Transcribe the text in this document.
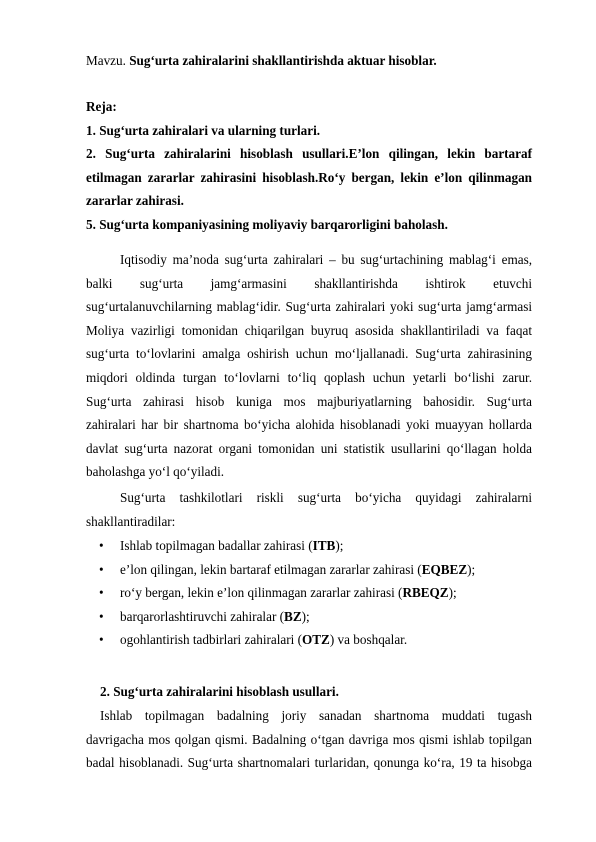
Mavzu. Sug‘urta zahiralarini shakllantirishda aktuar hisoblar.
Reja:
1. Sug‘urta zahiralari va ularning turlari.
2. Sug‘urta zahiralarini hisoblash usullari.E’lon qilingan, lekin bartaraf
etilmagan zararlar zahirasini hisoblash.Ro‘y bergan, lekin e’lon qilinmagan
zararlar zahirasi.
5. Sug‘urta kompaniyasining moliyaviy barqarorligini baholash.
Iqtisodiy ma’noda sug‘urta zahiralari – bu sug‘urtachining mablag‘i emas,
balki sug‘urta jamg‘armasini shakllantirishda ishtirok etuvchi
sug‘urtalanuvchilarning mablag‘idir. Sug‘urta zahiralari yoki sug‘urta jamg‘armasi
Moliya vazirligi tomonidan chiqarilgan buyruq asosida shakllantiriladi va faqat
sug‘urta to‘lovlarini amalga oshirish uchun mo‘ljallanadi. Sug‘urta zahirasining
miqdori oldinda turgan to‘lovlarni to‘liq qoplash uchun yetarli bo‘lishi zarur.
Sug‘urta zahirasi hisob kuniga mos majburiyatlarning bahosidir. Sug‘urta
zahiralari har bir shartnoma bo‘yicha alohida hisoblanadi yoki muayyan hollarda
davlat sug‘urta nazorat organi tomonidan uni statistik usullarini qo‘llagan holda
baholashga yo‘l qo‘yiladi.
Sug‘urta tashkilotlari riskli sug‘urta bo‘yicha quyidagi zahiralarni
shakllantiradilar:
• Ishlab topilmagan badallar zahirasi (ITB);
• e’lon qilingan, lekin bartaraf etilmagan zararlar zahirasi (EQBEZ);
• ro‘y bergan, lekin e’lon qilinmagan zararlar zahirasi (RBEQZ);
• barqarorlashtiruvchi zahiralar (BZ);
• ogohlantirish tadbirlari zahiralari (OTZ) va boshqalar.
2. Sug‘urta zahiralarini hisoblash usullari.
Ishlab topilmagan badalning joriy sanadan shartnoma muddati tugash
davrigacha mos qolgan qismi. Badalning o‘tgan davriga mos qismi ishlab topilgan
badal hisoblanadi. Sug‘urta shartnomalari turlaridan, qonunga ko‘ra, 19 ta hisobga
